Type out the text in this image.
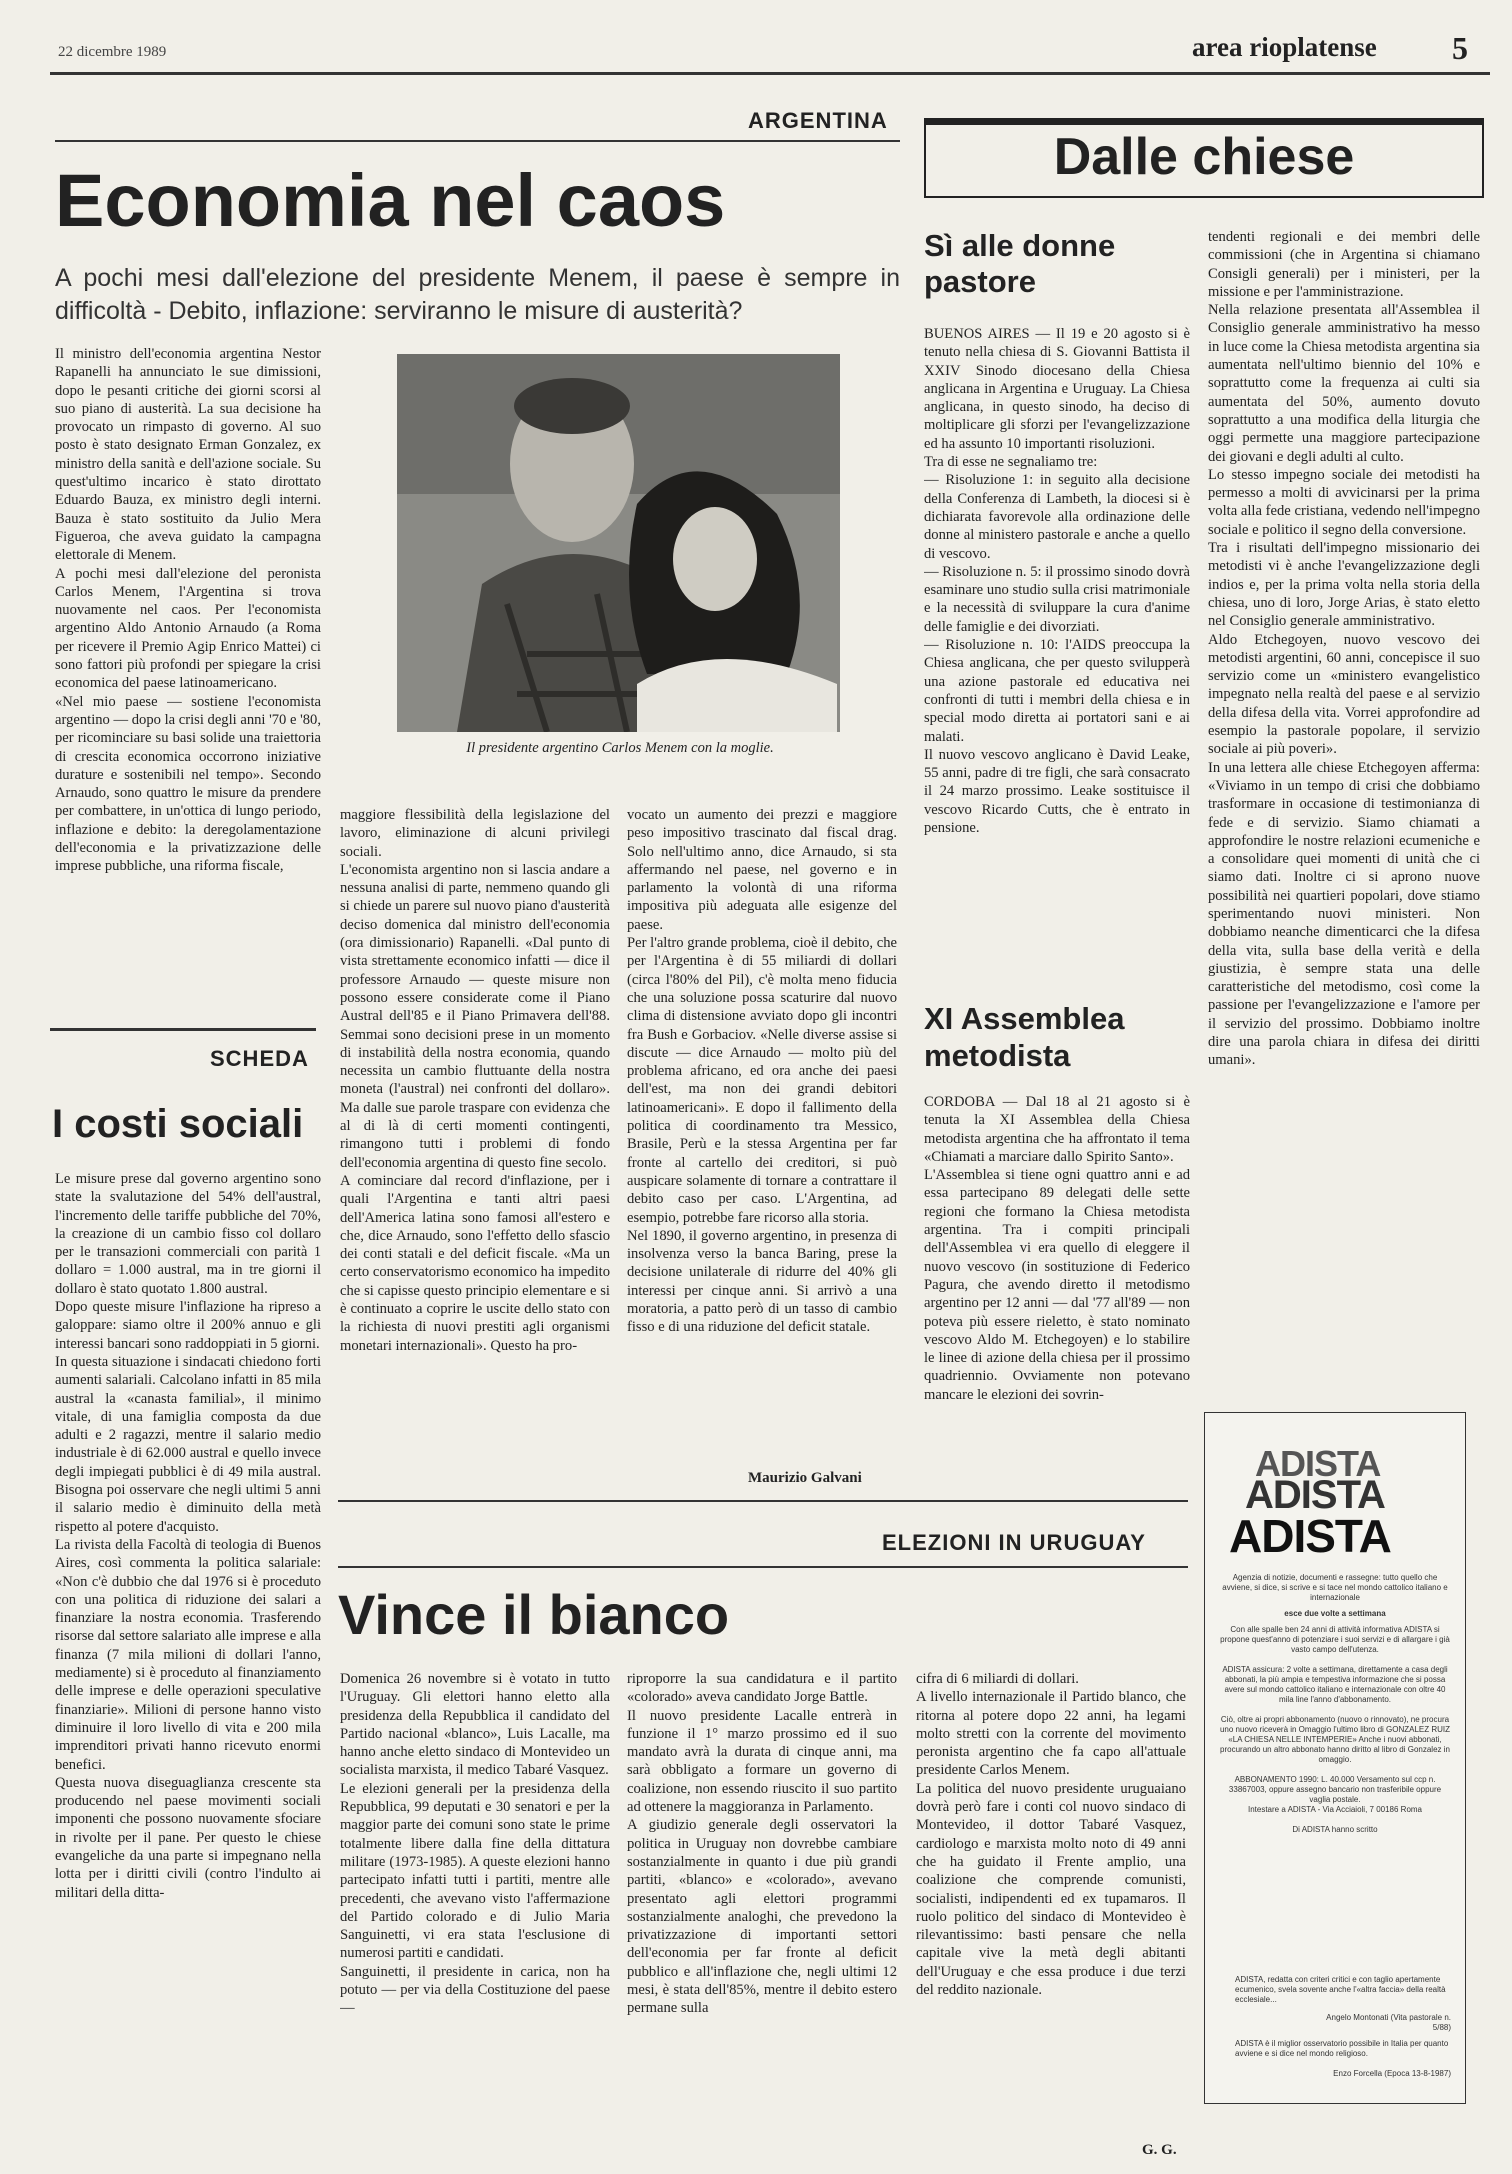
22 dicembre 1989	area rioplatense 5
ARGENTINA
Economia nel caos
A pochi mesi dall'elezione del presidente Menem, il paese è sempre in difficoltà - Debito, inflazione: serviranno le misure di austerità?
Il ministro dell'economia argentina Nestor Rapanelli ha annunciato le sue dimissioni, dopo le pesanti critiche dei giorni scorsi al suo piano di austerità. La sua decisione ha provocato un rimpasto di governo. Al suo posto è stato designato Erman Gonzalez, ex ministro della sanità e dell'azione sociale. Su quest'ultimo incarico è stato dirottato Eduardo Bauza, ex ministro degli interni. Bauza è stato sostituito da Julio Mera Figueroa, che aveva guidato la campagna elettorale di Menem.
A pochi mesi dall'elezione del peronista Carlos Menem, l'Argentina si trova nuovamente nel caos. Per l'economista argentino Aldo Antonio Arnaudo (a Roma per ricevere il Premio Agip Enrico Mattei) ci sono fattori più profondi per spiegare la crisi economica del paese latinoamericano.
«Nel mio paese — sostiene l'economista argentino — dopo la crisi degli anni '70 e '80, per ricominciare su basi solide una traiettoria di crescita economica occorrono iniziative durature e sostenibili nel tempo». Secondo Arnaudo, sono quattro le misure da prendere per combattere, in un'ottica di lungo periodo, inflazione e debito: la deregolamentazione dell'economia e la privatizzazione delle imprese pubbliche, una riforma fiscale,
Il presidente argentino Carlos Menem con la moglie.
maggiore flessibilità della legislazione del lavoro, eliminazione di alcuni privilegi sociali.
L'economista argentino non si lascia andare a nessuna analisi di parte, nemmeno quando gli si chiede un parere sul nuovo piano d'austerità deciso domenica dal ministro dell'economia (ora dimissionario) Rapanelli. «Dal punto di vista strettamente economico infatti — dice il professore Arnaudo — queste misure non possono essere considerate come il Piano Austral dell'85 e il Piano Primavera dell'88. Semmai sono decisioni prese in un momento di instabilità della nostra economia, quando necessita un cambio fluttuante della nostra moneta (l'austral) nei confronti del dollaro». Ma dalle sue parole traspare con evidenza che al di là di certi momenti contingenti, rimangono tutti i problemi di fondo dell'economia argentina di questo fine secolo.
A cominciare dal record d'inflazione, per i quali l'Argentina e tanti altri paesi dell'America latina sono famosi all'estero e che, dice Arnaudo, sono l'effetto dello sfascio dei conti statali e del deficit fiscale. «Ma un certo conservatorismo economico ha impedito che si capisse questo principio elementare e si è continuato a coprire le uscite dello stato con la richiesta di nuovi prestiti agli organismi monetari internazionali». Questo ha pro-
vocato un aumento dei prezzi e maggiore peso impositivo trascinato dal fiscal drag. Solo nell'ultimo anno, dice Arnaudo, si sta affermando nel paese, nel governo e in parlamento la volontà di una riforma impositiva più adeguata alle esigenze del paese.
Per l'altro grande problema, cioè il debito, che per l'Argentina è di 55 miliardi di dollari (circa l'80% del Pil), c'è molta meno fiducia che una soluzione possa scaturire dal nuovo clima di distensione avviato dopo gli incontri fra Bush e Gorbaciov. «Nelle diverse assise si discute — dice Arnaudo — molto più del problema africano, ed ora anche dei paesi dell'est, ma non dei grandi debitori latinoamericani». E dopo il fallimento della politica di coordinamento tra Messico, Brasile, Perù e la stessa Argentina per far fronte al cartello dei creditori, si può auspicare solamente di tornare a contrattare il debito caso per caso. L'Argentina, ad esempio, potrebbe fare ricorso alla storia.
Nel 1890, il governo argentino, in presenza di insolvenza verso la banca Baring, prese la decisione unilaterale di ridurre del 40% gli interessi per cinque anni. Si arrivò a una moratoria, a patto però di un tasso di cambio fisso e di una riduzione del deficit statale.
Maurizio Galvani
SCHEDA
I costi sociali
Le misure prese dal governo argentino sono state la svalutazione del 54% dell'austral, l'incremento delle tariffe pubbliche del 70%, la creazione di un cambio fisso col dollaro per le transazioni commerciali con parità 1 dollaro = 1.000 austral, ma in tre giorni il dollaro è stato quotato 1.800 austral.
Dopo queste misure l'inflazione ha ripreso a galoppare: siamo oltre il 200% annuo e gli interessi bancari sono raddoppiati in 5 giorni.
In questa situazione i sindacati chiedono forti aumenti salariali. Calcolano infatti in 85 mila austral la «canasta familial», il minimo vitale, di una famiglia composta da due adulti e 2 ragazzi, mentre il salario medio industriale è di 62.000 austral e quello invece degli impiegati pubblici è di 49 mila austral. Bisogna poi osservare che negli ultimi 5 anni il salario medio è diminuito della metà rispetto al potere d'acquisto.
La rivista della Facoltà di teologia di Buenos Aires, così commenta la politica salariale: «Non c'è dubbio che dal 1976 si è proceduto con una politica di riduzione dei salari a finanziare la nostra economia. Trasferendo risorse dal settore salariato alle imprese e alla finanza (7 mila milioni di dollari l'anno, mediamente) si è proceduto al finanziamento delle imprese e delle operazioni speculative finanziarie». Milioni di persone hanno visto diminuire il loro livello di vita e 200 mila imprenditori privati hanno ricevuto enormi benefici.
Questa nuova diseguaglianza crescente sta producendo nel paese movimenti sociali imponenti che possono nuovamente sfociare in rivolte per il pane. Per questo le chiese evangeliche da una parte si impegnano nella lotta per i diritti civili (contro l'indulto ai militari della ditta-
Dalle chiese
Sì alle donne pastore
BUENOS AIRES — Il 19 e 20 agosto si è tenuto nella chiesa di S. Giovanni Battista il XXIV Sinodo diocesano della Chiesa anglicana in Argentina e Uruguay. La Chiesa anglicana, in questo sinodo, ha deciso di moltiplicare gli sforzi per l'evangelizzazione ed ha assunto 10 importanti risoluzioni.
Tra di esse ne segnaliamo tre:
— Risoluzione 1: in seguito alla decisione della Conferenza di Lambeth, la diocesi si è dichiarata favorevole alla ordinazione delle donne al ministero pastorale e anche a quello di vescovo.
— Risoluzione n. 5: il prossimo sinodo dovrà esaminare uno studio sulla crisi matrimoniale e la necessità di sviluppare la cura d'anime delle famiglie e dei divorziati.
— Risoluzione n. 10: l'AIDS preoccupa la Chiesa anglicana, che per questo svilupperà una azione pastorale ed educativa nei confronti di tutti i membri della chiesa e in special modo diretta ai portatori sani e ai malati.
Il nuovo vescovo anglicano è David Leake, 55 anni, padre di tre figli, che sarà consacrato il 24 marzo prossimo. Leake sostituisce il vescovo Ricardo Cutts, che è entrato in pensione.
XI Assemblea metodista
CORDOBA — Dal 18 al 21 agosto si è tenuta la XI Assemblea della Chiesa metodista argentina che ha affrontato il tema «Chiamati a marciare dallo Spirito Santo».
L'Assemblea si tiene ogni quattro anni e ad essa partecipano 89 delegati delle sette regioni che formano la Chiesa metodista argentina. Tra i compiti principali dell'Assemblea vi era quello di eleggere il nuovo vescovo (in sostituzione di Federico Pagura, che avendo diretto il metodismo argentino per 12 anni — dal '77 all'89 — non poteva più essere rieletto, è stato nominato vescovo Aldo M. Etchegoyen) e lo stabilire le linee di azione della chiesa per il prossimo quadriennio. Ovviamente non potevano mancare le elezioni dei sovrin-
tendenti regionali e dei membri delle commissioni (che in Argentina si chiamano Consigli generali) per i ministeri, per la missione e per l'amministrazione.
Nella relazione presentata all'Assemblea il Consiglio generale amministrativo ha messo in luce come la Chiesa metodista argentina sia aumentata nell'ultimo biennio del 10% e soprattutto come la frequenza ai culti sia aumentata del 50%, aumento dovuto soprattutto a una modifica della liturgia che oggi permette una maggiore partecipazione dei giovani e degli adulti al culto.
Lo stesso impegno sociale dei metodisti ha permesso a molti di avvicinarsi per la prima volta alla fede cristiana, vedendo nell'impegno sociale e politico il segno della conversione.
Tra i risultati dell'impegno missionario dei metodisti vi è anche l'evangelizzazione degli indios e, per la prima volta nella storia della chiesa, uno di loro, Jorge Arias, è stato eletto nel Consiglio generale amministrativo.
Aldo Etchegoyen, nuovo vescovo dei metodisti argentini, 60 anni, concepisce il suo servizio come un «ministero evangelistico impegnato nella realtà del paese e al servizio della difesa della vita. Vorrei approfondire ad esempio la pastorale popolare, il servizio sociale ai più poveri».
In una lettera alle chiese Etchegoyen afferma: «Viviamo in un tempo di crisi che dobbiamo trasformare in occasione di testimonianza di fede e di servizio. Siamo chiamati a approfondire le nostre relazioni ecumeniche e a consolidare quei momenti di unità che ci siamo dati. Inoltre ci si aprono nuove possibilità nei quartieri popolari, dove stiamo sperimentando nuovi ministeri. Non dobbiamo neanche dimenticarci che la difesa della vita, sulla base della verità e della giustizia, è sempre stata una delle caratteristiche del metodismo, così come la passione per l'evangelizzazione e l'amore per il servizio del prossimo. Dobbiamo inoltre dire una parola chiara in difesa dei diritti umani».
ADISTA
ADISTA
ADISTA
Agenzia di notizie, documenti e rassegne: tutto quello che avviene, si dice, si scrive e si tace nel mondo cattolico italiano e internazionale
esce due volte a settimana
Con alle spalle ben 24 anni di attività informativa ADISTA si propone quest'anno di potenziare i suoi servizi e di allargare i già vasto campo dell'utenza.

ADISTA assicura: 2 volte a settimana, direttamente a casa degli abbonati, la più ampia e tempestiva informazione che si possa avere sul mondo cattolico italiano e internazionale con oltre 40 mila line l'anno d'abbonamento.

Ciò, oltre ai propri abbonamento (nuovo o rinnovato), ne procura uno nuovo riceverà in Omaggio l'ultimo libro di GONZALEZ RUIZ «LA CHIESA NELLE INTEMPERIE» Anche i nuovi abbonati, procurando un altro abbonato hanno diritto al libro di Gonzalez in omaggio.

ABBONAMENTO 1990: L. 40.000 Versamento sul ccp n. 33867003, oppure assegno bancario non trasferibile oppure vaglia postale.
Intestare a ADISTA - Via Acciaioli, 7 00186 Roma

Di ADISTA hanno scritto
ADISTA, redatta con criteri critici e con taglio apertamente ecumenico, svela sovente anche l'«altra faccia» della realtà ecclesiale...
Angelo Montonati (Vita pastorale n. 5/88)
ADISTA è il miglior osservatorio possibile in Italia per quanto avviene e si dice nel mondo religioso.
Enzo Forcella (Epoca 13-8-1987)
ELEZIONI IN URUGUAY
Vince il bianco
Domenica 26 novembre si è votato in tutto l'Uruguay. Gli elettori hanno eletto alla presidenza della Repubblica il candidato del Partido nacional «blanco», Luis Lacalle, ma hanno anche eletto sindaco di Montevideo un socialista marxista, il medico Tabaré Vasquez.
Le elezioni generali per la presidenza della Repubblica, 99 deputati e 30 senatori e per la maggior parte dei comuni sono state le prime totalmente libere dalla fine della dittatura militare (1973-1985). A queste elezioni hanno partecipato infatti tutti i partiti, mentre alle precedenti, che avevano visto l'affermazione del Partido colorado e di Julio Maria Sanguinetti, vi era stata l'esclusione di numerosi partiti e candidati.
Sanguinetti, il presidente in carica, non ha potuto — per via della Costituzione del paese —
riproporre la sua candidatura e il partito «colorado» aveva candidato Jorge Battle.
Il nuovo presidente Lacalle entrerà in funzione il 1° marzo prossimo ed il suo mandato avrà la durata di cinque anni, ma sarà obbligato a formare un governo di coalizione, non essendo riuscito il suo partito ad ottenere la maggioranza in Parlamento.
A giudizio generale degli osservatori la politica in Uruguay non dovrebbe cambiare sostanzialmente in quanto i due più grandi partiti, «blanco» e «colorado», avevano presentato agli elettori programmi sostanzialmente analoghi, che prevedono la privatizzazione di importanti settori dell'economia per far fronte al deficit pubblico e all'inflazione che, negli ultimi 12 mesi, è stata dell'85%, mentre il debito estero permane sulla
cifra di 6 miliardi di dollari.
A livello internazionale il Partido blanco, che ritorna al potere dopo 22 anni, ha legami molto stretti con la corrente del movimento peronista argentino che fa capo all'attuale presidente Carlos Menem.
La politica del nuovo presidente uruguaiano dovrà però fare i conti col nuovo sindaco di Montevideo, il dottor Tabaré Vasquez, cardiologo e marxista molto noto di 49 anni che ha guidato il Frente amplio, una coalizione che comprende comunisti, socialisti, indipendenti ed ex tupamaros. Il ruolo politico del sindaco di Montevideo è rilevantissimo: basti pensare che nella capitale vive la metà degli abitanti dell'Uruguay e che essa produce i due terzi del reddito nazionale.
G. G.
